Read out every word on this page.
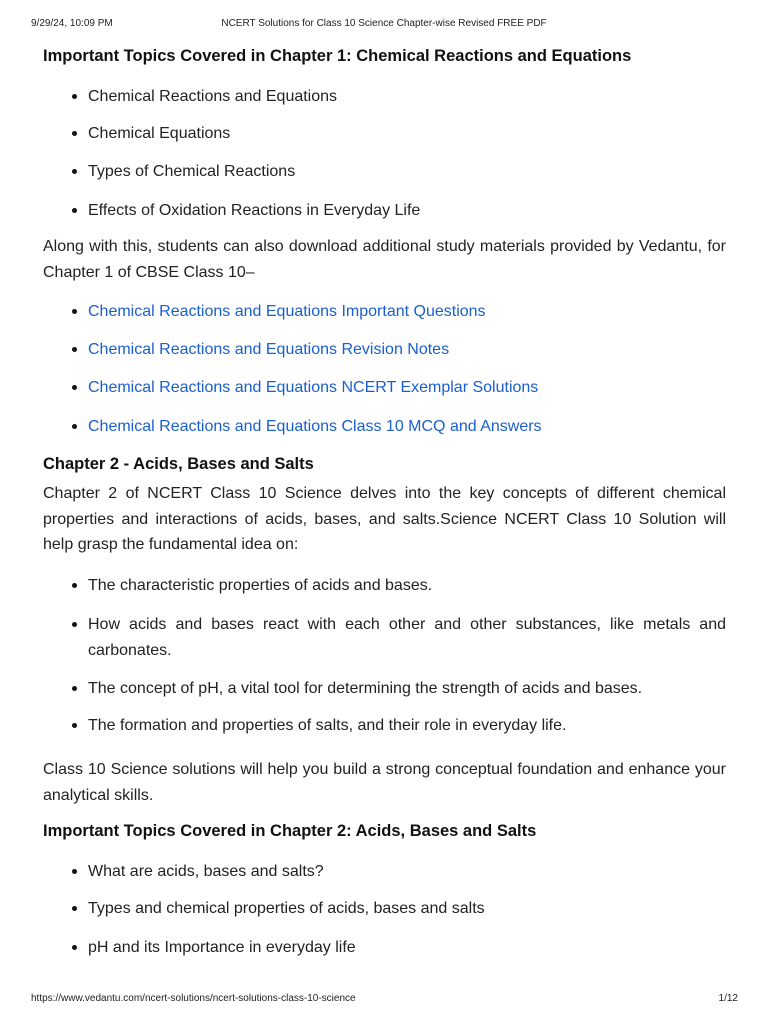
9/29/24, 10:09 PM	NCERT Solutions for Class 10 Science Chapter-wise Revised FREE PDF
Important Topics Covered in Chapter 1: Chemical Reactions and Equations
Chemical Reactions and Equations
Chemical Equations
Types of Chemical Reactions
Effects of Oxidation Reactions in Everyday Life

Along with this, students can also download additional study materials provided by Vedantu, for Chapter 1 of CBSE Class 10–

Chemical Reactions and Equations Important Questions
Chemical Reactions and Equations Revision Notes
Chemical Reactions and Equations NCERT Exemplar Solutions
Chemical Reactions and Equations Class 10 MCQ and Answers
Chapter 2 - Acids, Bases and Salts

Chapter 2 of NCERT Class 10 Science delves into the key concepts of different chemical properties and interactions of acids, bases, and salts.Science NCERT Class 10 Solution will help grasp the fundamental idea on:

The characteristic properties of acids and bases.
How acids and bases react with each other and other substances, like metals and carbonates.
The concept of pH, a vital tool for determining the strength of acids and bases.
The formation and properties of salts, and their role in everyday life.

Class 10 Science solutions will help you build a strong conceptual foundation and enhance your analytical skills.

Important Topics Covered in Chapter 2: Acids, Bases and Salts
What are acids, bases and salts?
Types and chemical properties of acids, bases and salts
pH and its Importance in everyday life
https://www.vedantu.com/ncert-solutions/ncert-solutions-class-10-science	1/12
